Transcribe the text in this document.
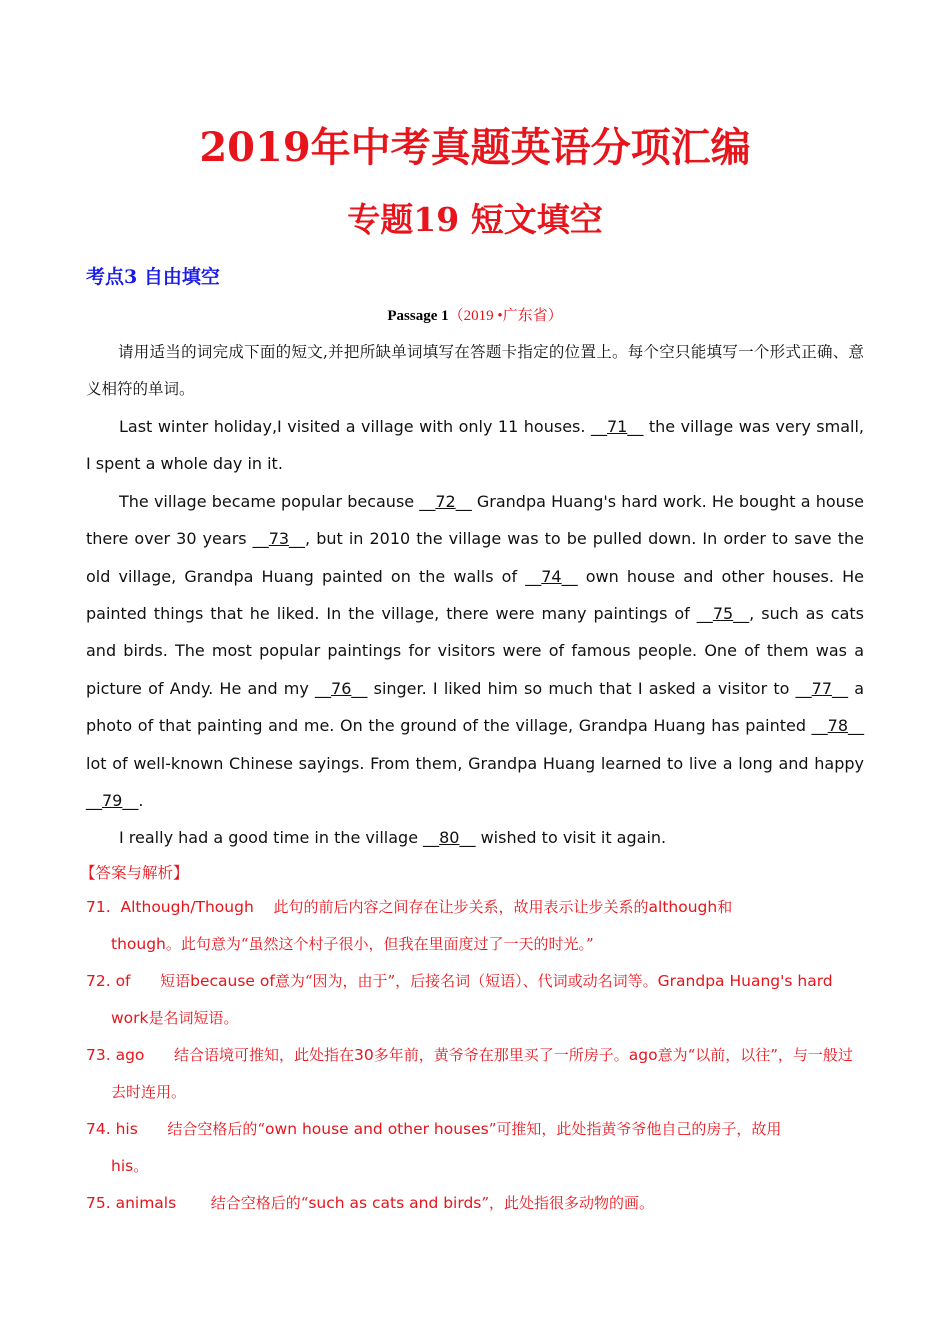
2019年中考真题英语分项汇编
专题19 短文填空
考点3 自由填空
Passage 1（2019 •广东省）

请用适当的词完成下面的短文,并把所缺单词填写在答题卡指定的位置上。每个空只能填写一个形式正确、意义相符的单词。

Last winter holiday,I visited a village with only 11 houses. __71__ the village was very small, I spent a whole day in it.

The village became popular because __72__ Grandpa Huang's hard work. He bought a house there over 30 years __73__, but in 2010 the village was to be pulled down. In order to save the old village, Grandpa Huang painted on the walls of __74__ own house and other houses. He painted things that he liked. In the village, there were many paintings of __75__, such as cats and birds. The most popular paintings for visitors were of famous people. One of them was a picture of Andy. He and my __76__ singer. I liked him so much that I asked a visitor to __77__ a photo of that painting and me. On the ground of the village, Grandpa Huang has painted __78__ lot of well-known Chinese sayings. From them, Grandpa Huang learned to live a long and happy __79__.

I really had a good time in the village __80__ wished to visit it again.

【答案与解析】

71.  Although/Though 此句的前后内容之间存在让步关系，故用表示让步关系的although和
though。此句意为“虽然这个村子很小，但我在里面度过了一天的时光。”

72. of 短语because of意为“因为，由于”，后接名词（短语）、代词或动名词等。Grandpa Huang's hard work是名词短语。

73. ago 结合语境可推知，此处指在30多年前，黄爷爷在那里买了一所房子。ago意为“以前，以往”，与一般过去时连用。

74. his 结合空格后的“own house and other houses”可推知，此处指黄爷爷他自己的房子，故用
his。

75. animals 结合空格后的“such as cats and birds”，此处指很多动物的画。
